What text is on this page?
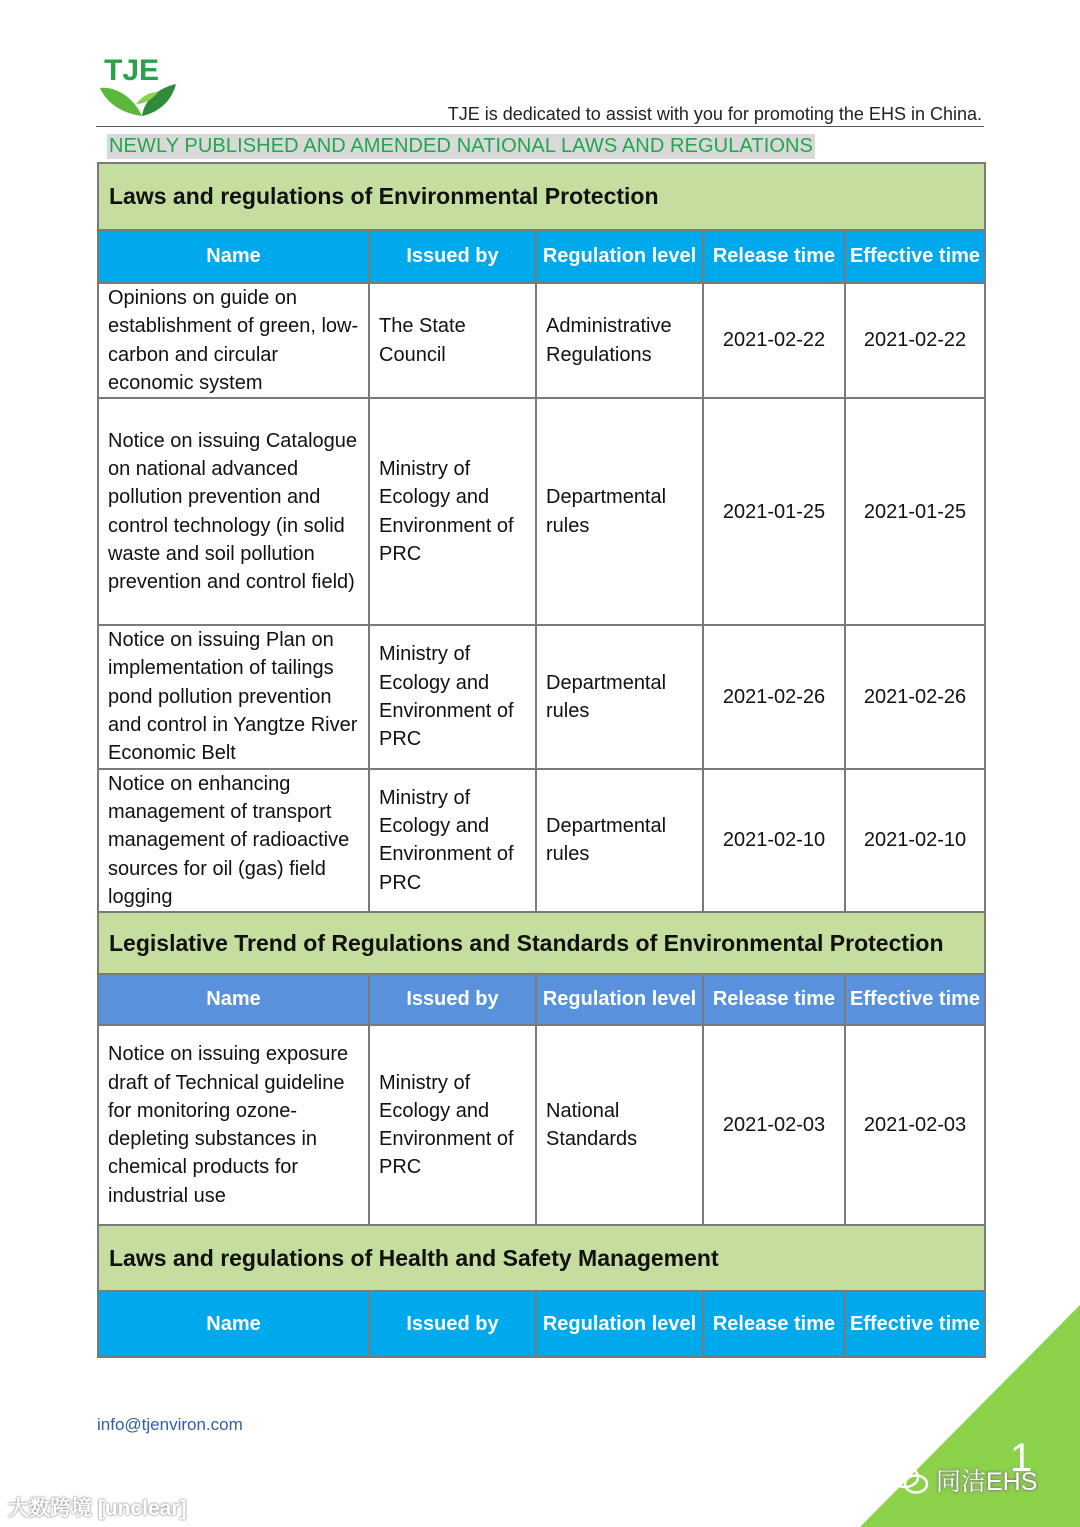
TJE
TJE is dedicated to assist with you for promoting the EHS in China.
NEWLY PUBLISHED AND AMENDED NATIONAL LAWS AND REGULATIONS
Laws and regulations of Environmental Protection				
Name	Issued by	Regulation level	Release time	Effective time
Opinions on guide on establishment of green, low-carbon and circular economic system	The State Council	Administrative Regulations	2021-02-22	2021-02-22
Notice on issuing Catalogue on national advanced pollution prevention and control technology (in solid waste and soil pollution prevention and control field)	Ministry of Ecology and Environment of PRC	Departmental rules	2021-01-25	2021-01-25
Notice on issuing Plan on implementation of tailings pond pollution prevention and control in Yangtze River Economic Belt	Ministry of Ecology and Environment of PRC	Departmental rules	2021-02-26	2021-02-26
Notice on enhancing management of transport management of radioactive sources for oil (gas) field logging	Ministry of Ecology and Environment of PRC	Departmental rules	2021-02-10	2021-02-10
Legislative Trend of Regulations and Standards of Environmental Protection				
Name	Issued by	Regulation level	Release time	Effective time
Notice on issuing exposure draft of Technical guideline for monitoring ozone-depleting substances in chemical products for industrial use	Ministry of Ecology and Environment of PRC	National Standards	2021-02-03	2021-02-03
Laws and regulations of Health and Safety Management				
Name	Issued by	Regulation level	Release time	Effective time
info@tjenviron.com
大数跨境 [unclear]
同洁EHS
1
